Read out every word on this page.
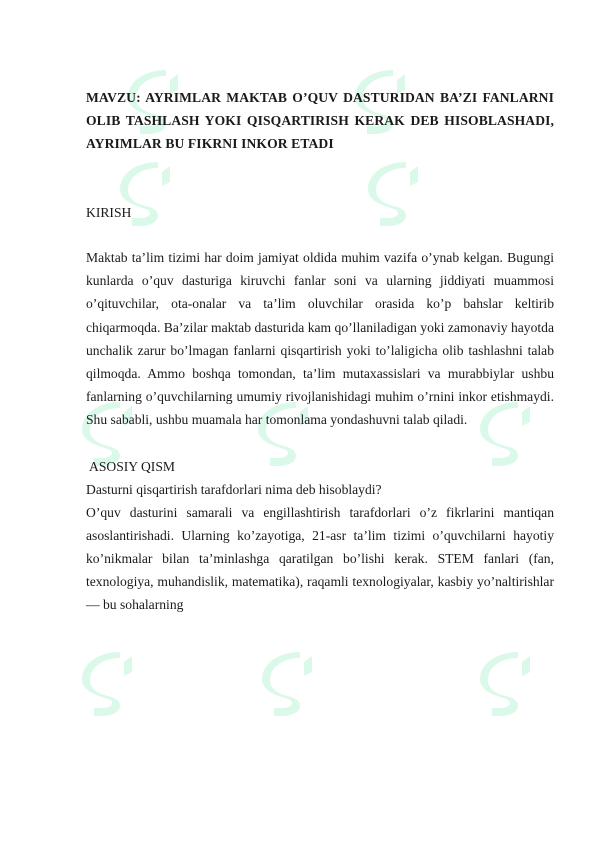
MAVZU: AYRIMLAR MAKTAB O’QUV DASTURIDAN BA’ZI FANLARNI OLIB TASHLASH YOKI QISQARTIRISH KERAK DEB HISOBLASHADI, AYRIMLAR BU FIKRNI INKOR ETADI

KIRISH

Maktab ta’lim tizimi har doim jamiyat oldida muhim vazifa o’ynab kelgan. Bugungi kunlarda o’quv dasturiga kiruvchi fanlar soni va ularning jiddiyati muammosi o’qituvchilar, ota-onalar va ta’lim oluvchilar orasida ko’p bahslar keltirib chiqarmoqda. Ba’zilar maktab dasturida kam qo’llaniladigan yoki zamonaviy hayotda unchalik zarur bo’lmagan fanlarni qisqartirish yoki to’laligicha olib tashlashni talab qilmoqda. Ammo boshqa tomondan, ta’lim mutaxassislari va murabbiylar ushbu fanlarning o’quvchilarning umumiy rivojlanishidagi muhim o’rnini inkor etishmaydi. Shu sababli, ushbu muamala har tomonlama yondashuvni talab qiladi.

ASOSIY QISM

Dasturni qisqartirish tarafdorlari nima deb hisoblaydi?

O’quv dasturini samarali va engillashtirish tarafdorlari o’z fikrlarini mantiqan asoslantirishadi. Ularning ko’zayotiga, 21-asr ta’lim tizimi o’quvchilarni hayotiy ko’nikmalar bilan ta’minlashga qaratilgan bo’lishi kerak. STEM fanlari (fan, texnologiya, muhandislik, matematika), raqamli texnologiyalar, kasbiy yo’naltirishlar — bu sohalarning
